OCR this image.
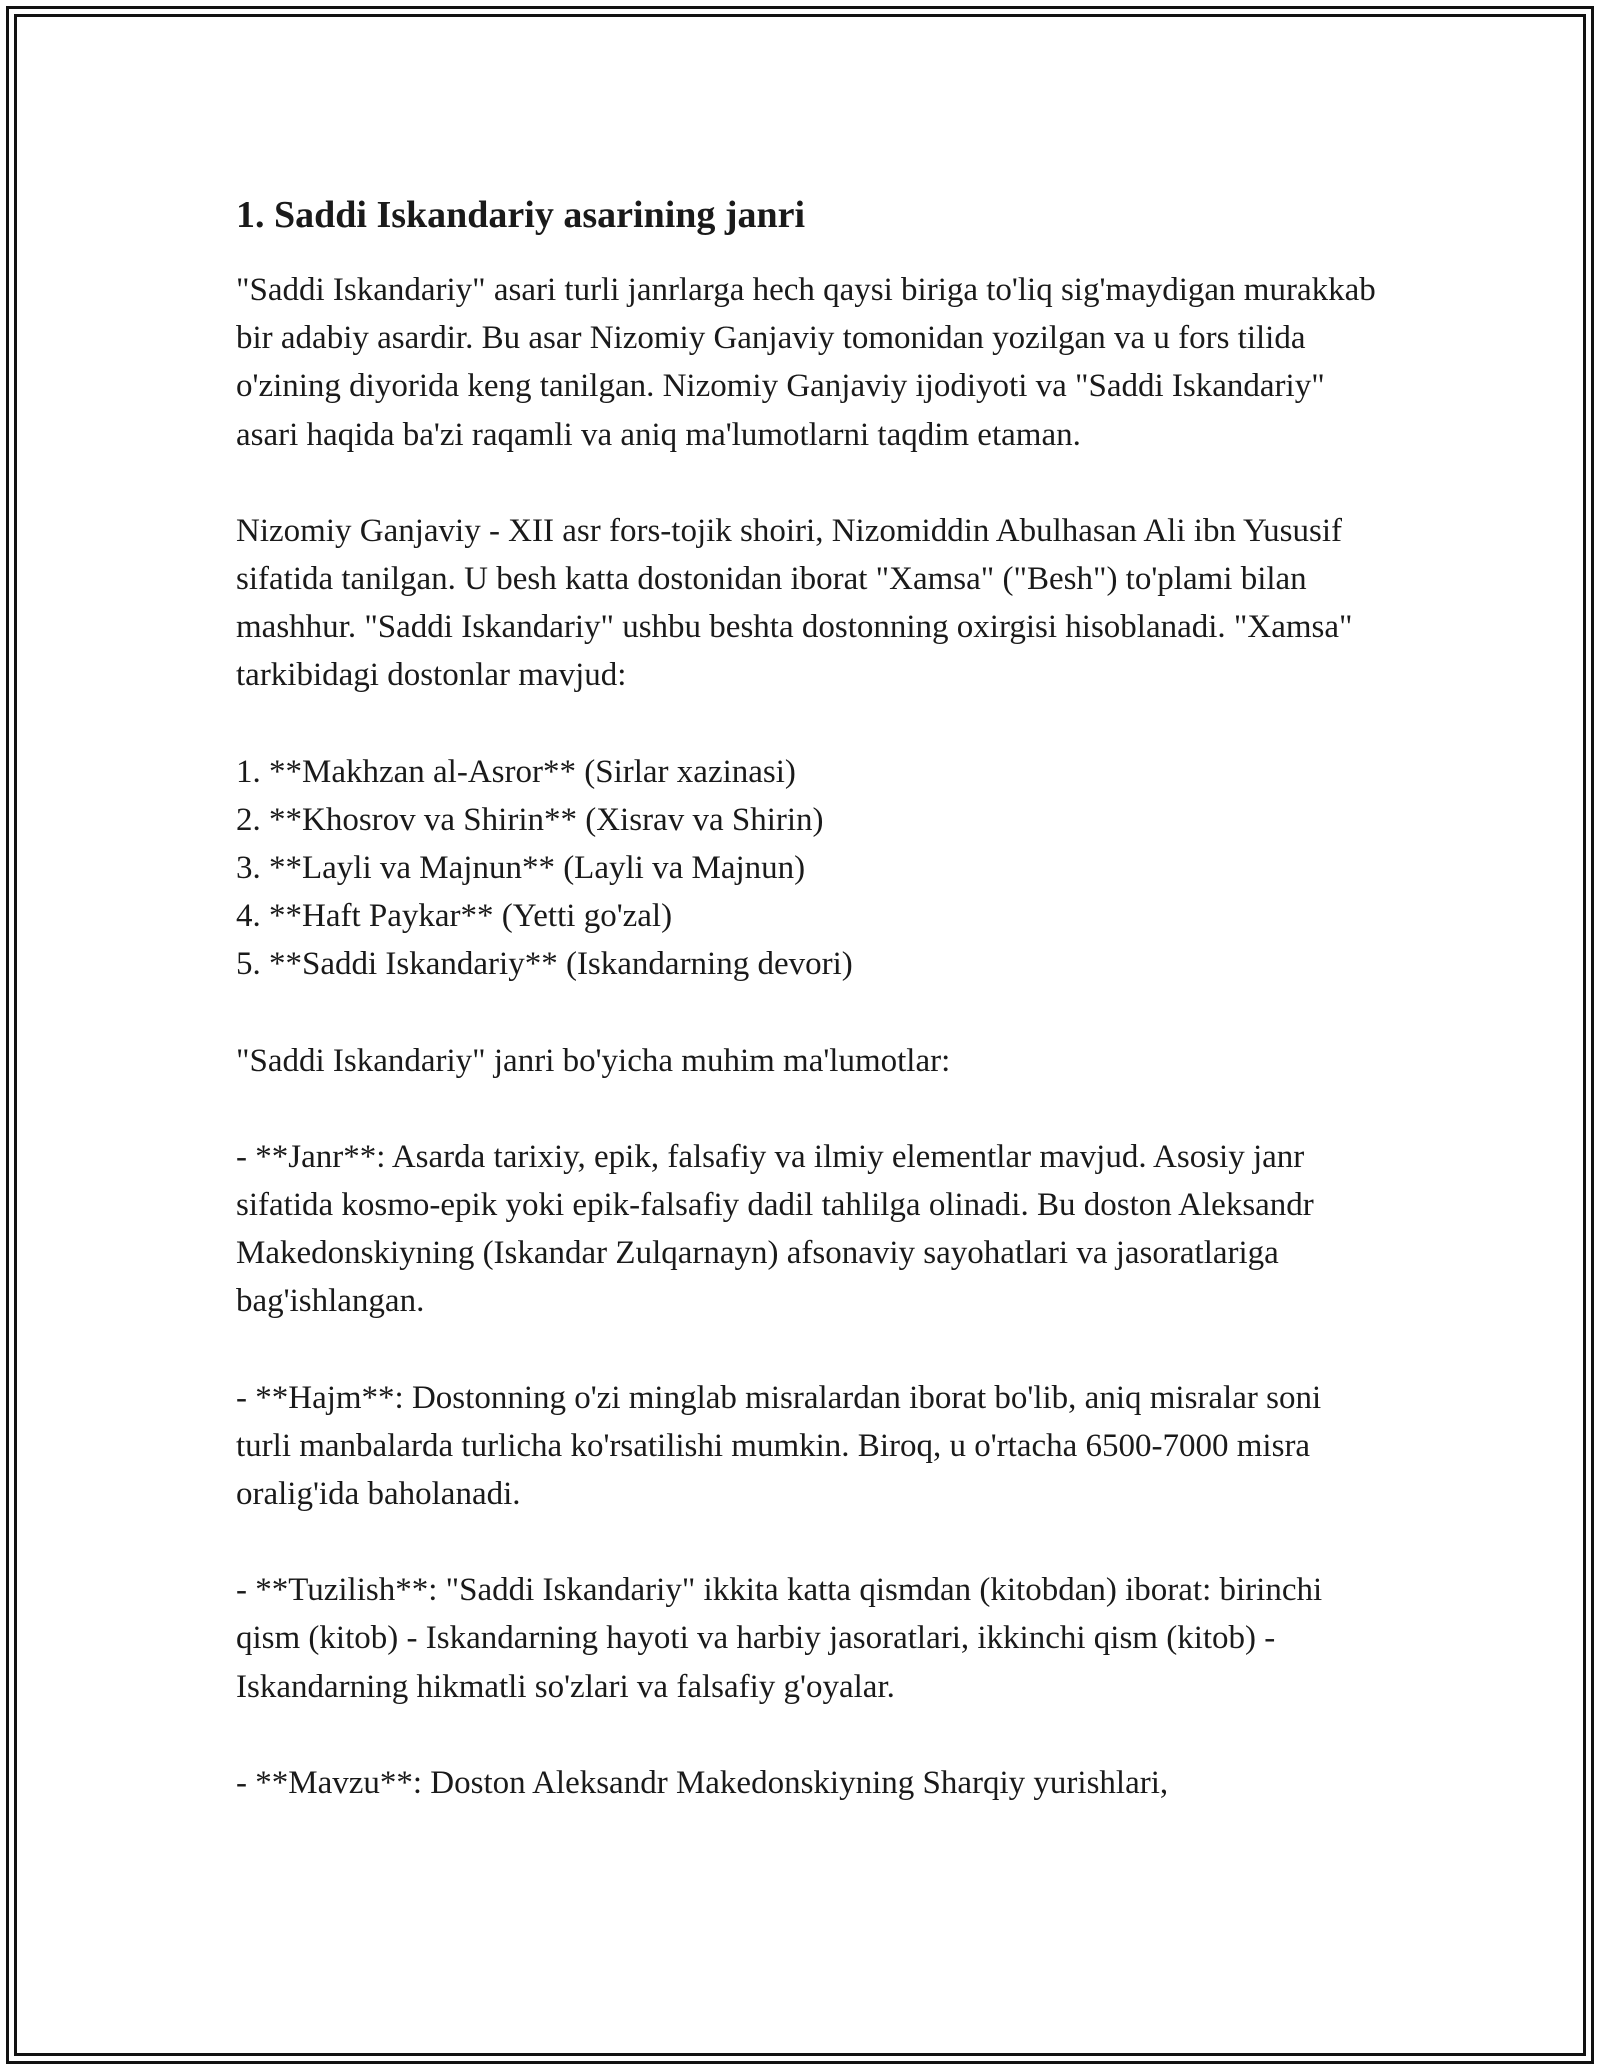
1. Saddi Iskandariy asarining janri

"Saddi Iskandariy" asari turli janrlarga hech qaysi biriga to'liq sig'maydigan murakkab bir adabiy asardir. Bu asar Nizomiy Ganjaviy tomonidan yozilgan va u fors tilida o'zining diyorida keng tanilgan. Nizomiy Ganjaviy ijodiyoti va "Saddi Iskandariy" asari haqida ba'zi raqamli va aniq ma'lumotlarni taqdim etaman.

Nizomiy Ganjaviy - XII asr fors-tojik shoiri, Nizomiddin Abulhasan Ali ibn Yususif sifatida tanilgan. U besh katta dostonidan iborat "Xamsa" ("Besh") to'plami bilan mashhur. "Saddi Iskandariy" ushbu beshta dostonning oxirgisi hisoblanadi. "Xamsa" tarkibidagi dostonlar mavjud:

1. **Makhzan al-Asror** (Sirlar xazinasi)
2. **Khosrov va Shirin** (Xisrav va Shirin)
3. **Layli va Majnun** (Layli va Majnun)
4. **Haft Paykar** (Yetti go'zal)
5. **Saddi Iskandariy** (Iskandarning devori)

"Saddi Iskandariy" janri bo'yicha muhim ma'lumotlar:

- **Janr**: Asarda tarixiy, epik, falsafiy va ilmiy elementlar mavjud. Asosiy janr sifatida kosmo-epik yoki epik-falsafiy dadil tahlilga olinadi. Bu doston Aleksandr Makedonskiyning (Iskandar Zulqarnayn) afsonaviy sayohatlari va jasoratlariga bag'ishlangan.

- **Hajm**: Dostonning o'zi minglab misralardan iborat bo'lib, aniq misralar soni turli manbalarda turlicha ko'rsatilishi mumkin. Biroq, u o'rtacha 6500-7000 misra oralig'ida baholanadi.

- **Tuzilish**: "Saddi Iskandariy" ikkita katta qismdan (kitobdan) iborat: birinchi qism (kitob) - Iskandarning hayoti va harbiy jasoratlari, ikkinchi qism (kitob) - Iskandarning hikmatli so'zlari va falsafiy g'oyalar.

- **Mavzu**: Doston Aleksandr Makedonskiyning Sharqiy yurishlari,
